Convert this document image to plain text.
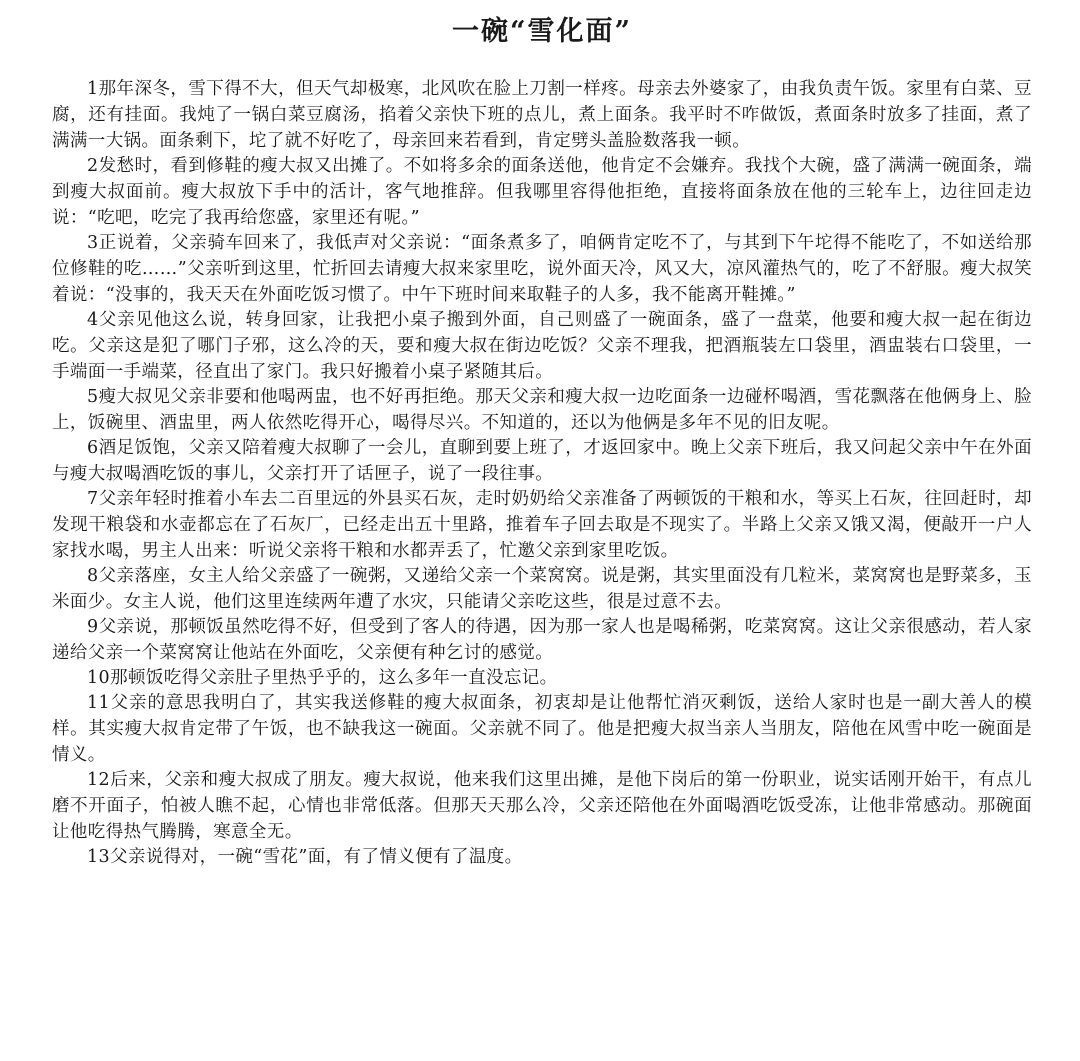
一碗“雪化面”

1那年深冬，雪下得不大，但天气却极寒，北风吹在脸上刀割一样疼。母亲去外婆家了，由我负责午饭。家里有白菜、豆腐，还有挂面。我炖了一锅白菜豆腐汤，掐着父亲快下班的点儿，煮上面条。我平时不咋做饭，煮面条时放多了挂面，煮了满满一大锅。面条剩下，坨了就不好吃了，母亲回来若看到，肯定劈头盖脸数落我一顿。

2发愁时，看到修鞋的瘦大叔又出摊了。不如将多余的面条送他，他肯定不会嫌弃。我找个大碗，盛了满满一碗面条，端到瘦大叔面前。瘦大叔放下手中的活计，客气地推辞。但我哪里容得他拒绝，直接将面条放在他的三轮车上，边往回走边说：“吃吧，吃完了我再给您盛，家里还有呢。”

3正说着，父亲骑车回来了，我低声对父亲说：“面条煮多了，咱俩肯定吃不了，与其到下午坨得不能吃了，不如送给那位修鞋的吃……”父亲听到这里，忙折回去请瘦大叔来家里吃，说外面天冷，风又大，凉风灌热气的，吃了不舒服。瘦大叔笑着说：“没事的，我天天在外面吃饭习惯了。中午下班时间来取鞋子的人多，我不能离开鞋摊。”

4父亲见他这么说，转身回家，让我把小桌子搬到外面，自己则盛了一碗面条，盛了一盘菜，他要和瘦大叔一起在街边吃。父亲这是犯了哪门子邪，这么冷的天，要和瘦大叔在街边吃饭？父亲不理我，把酒瓶装左口袋里，酒盅装右口袋里，一手端面一手端菜，径直出了家门。我只好搬着小桌子紧随其后。

5瘦大叔见父亲非要和他喝两盅，也不好再拒绝。那天父亲和瘦大叔一边吃面条一边碰杯喝酒，雪花飘落在他俩身上、脸上，饭碗里、酒盅里，两人依然吃得开心，喝得尽兴。不知道的，还以为他俩是多年不见的旧友呢。

6酒足饭饱，父亲又陪着瘦大叔聊了一会儿，直聊到要上班了，才返回家中。晚上父亲下班后，我又问起父亲中午在外面与瘦大叔喝酒吃饭的事儿，父亲打开了话匣子，说了一段往事。

7父亲年轻时推着小车去二百里远的外县买石灰，走时奶奶给父亲准备了两顿饭的干粮和水，等买上石灰，往回赶时，却发现干粮袋和水壶都忘在了石灰厂，已经走出五十里路，推着车子回去取是不现实了。半路上父亲又饿又渴，便敲开一户人家找水喝，男主人出来：听说父亲将干粮和水都弄丢了，忙邀父亲到家里吃饭。

8父亲落座，女主人给父亲盛了一碗粥，又递给父亲一个菜窝窝。说是粥，其实里面没有几粒米，菜窝窝也是野菜多，玉米面少。女主人说，他们这里连续两年遭了水灾，只能请父亲吃这些，很是过意不去。

9父亲说，那顿饭虽然吃得不好，但受到了客人的待遇，因为那一家人也是喝稀粥，吃菜窝窝。这让父亲很感动，若人家递给父亲一个菜窝窝让他站在外面吃，父亲便有种乞讨的感觉。

10那顿饭吃得父亲肚子里热乎乎的，这么多年一直没忘记。

11父亲的意思我明白了，其实我送修鞋的瘦大叔面条，初衷却是让他帮忙消灭剩饭，送给人家时也是一副大善人的模样。其实瘦大叔肯定带了午饭，也不缺我这一碗面。父亲就不同了。他是把瘦大叔当亲人当朋友，陪他在风雪中吃一碗面是情义。

12后来，父亲和瘦大叔成了朋友。瘦大叔说，他来我们这里出摊，是他下岗后的第一份职业，说实话刚开始干，有点儿磨不开面子，怕被人瞧不起，心情也非常低落。但那天天那么冷，父亲还陪他在外面喝酒吃饭受冻，让他非常感动。那碗面让他吃得热气腾腾，寒意全无。

13父亲说得对，一碗“雪花”面，有了情义便有了温度。
